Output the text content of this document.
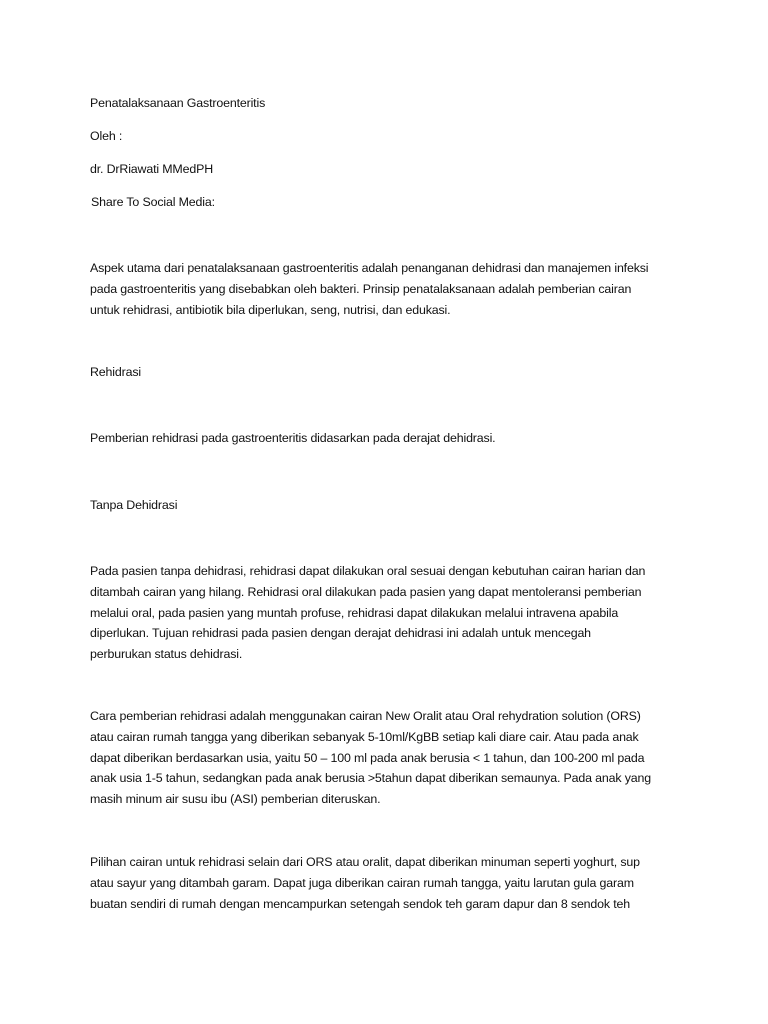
Penatalaksanaan Gastroenteritis

Oleh :

dr. DrRiawati MMedPH

Share To Social Media:

Aspek utama dari penatalaksanaan gastroenteritis adalah penanganan dehidrasi dan manajemen infeksi
pada gastroenteritis yang disebabkan oleh bakteri. Prinsip penatalaksanaan adalah pemberian cairan
untuk rehidrasi, antibiotik bila diperlukan, seng, nutrisi, dan edukasi.

Rehidrasi

Pemberian rehidrasi pada gastroenteritis didasarkan pada derajat dehidrasi.

Tanpa Dehidrasi

Pada pasien tanpa dehidrasi, rehidrasi dapat dilakukan oral sesuai dengan kebutuhan cairan harian dan
ditambah cairan yang hilang. Rehidrasi oral dilakukan pada pasien yang dapat mentoleransi pemberian
melalui oral, pada pasien yang muntah profuse, rehidrasi dapat dilakukan melalui intravena apabila
diperlukan. Tujuan rehidrasi pada pasien dengan derajat dehidrasi ini adalah untuk mencegah
perburukan status dehidrasi.
Cara pemberian rehidrasi adalah menggunakan cairan New Oralit atau Oral rehydration solution (ORS)
atau cairan rumah tangga yang diberikan sebanyak 5-10ml/KgBB setiap kali diare cair. Atau pada anak
dapat diberikan berdasarkan usia, yaitu 50 – 100 ml pada anak berusia < 1 tahun, dan 100-200 ml pada
anak usia 1-5 tahun, sedangkan pada anak berusia >5tahun dapat diberikan semaunya. Pada anak yang
masih minum air susu ibu (ASI) pemberian diteruskan.
Pilihan cairan untuk rehidrasi selain dari ORS atau oralit, dapat diberikan minuman seperti yoghurt, sup
atau sayur yang ditambah garam. Dapat juga diberikan cairan rumah tangga, yaitu larutan gula garam
buatan sendiri di rumah dengan mencampurkan setengah sendok teh garam dapur dan 8 sendok teh
